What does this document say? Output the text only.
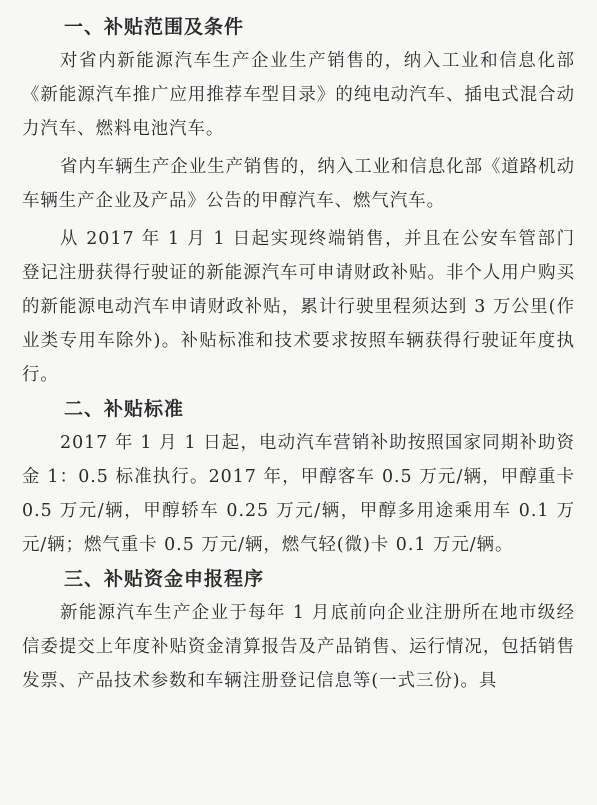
一、补贴范围及条件

对省内新能源汽车生产企业生产销售的，纳入工业和信息化部《新能源汽车推广应用推荐车型目录》的纯电动汽车、插电式混合动力汽车、燃料电池汽车。

省内车辆生产企业生产销售的，纳入工业和信息化部《道路机动车辆生产企业及产品》公告的甲醇汽车、燃气汽车。

从 2017 年 1 月 1 日起实现终端销售，并且在公安车管部门登记注册获得行驶证的新能源汽车可申请财政补贴。非个人用户购买的新能源电动汽车申请财政补贴，累计行驶里程须达到 3 万公里(作业类专用车除外)。补贴标准和技术要求按照车辆获得行驶证年度执行。

二、补贴标准

2017 年 1 月 1 日起，电动汽车营销补助按照国家同期补助资金 1：0.5 标准执行。2017 年，甲醇客车 0.5 万元/辆，甲醇重卡 0.5 万元/辆，甲醇轿车 0.25 万元/辆，甲醇多用途乘用车 0.1 万元/辆；燃气重卡 0.5 万元/辆，燃气轻(微)卡 0.1 万元/辆。

三、补贴资金申报程序

新能源汽车生产企业于每年 1 月底前向企业注册所在地市级经信委提交上年度补贴资金清算报告及产品销售、运行情况，包括销售发票、产品技术参数和车辆注册登记信息等(一式三份)。具
